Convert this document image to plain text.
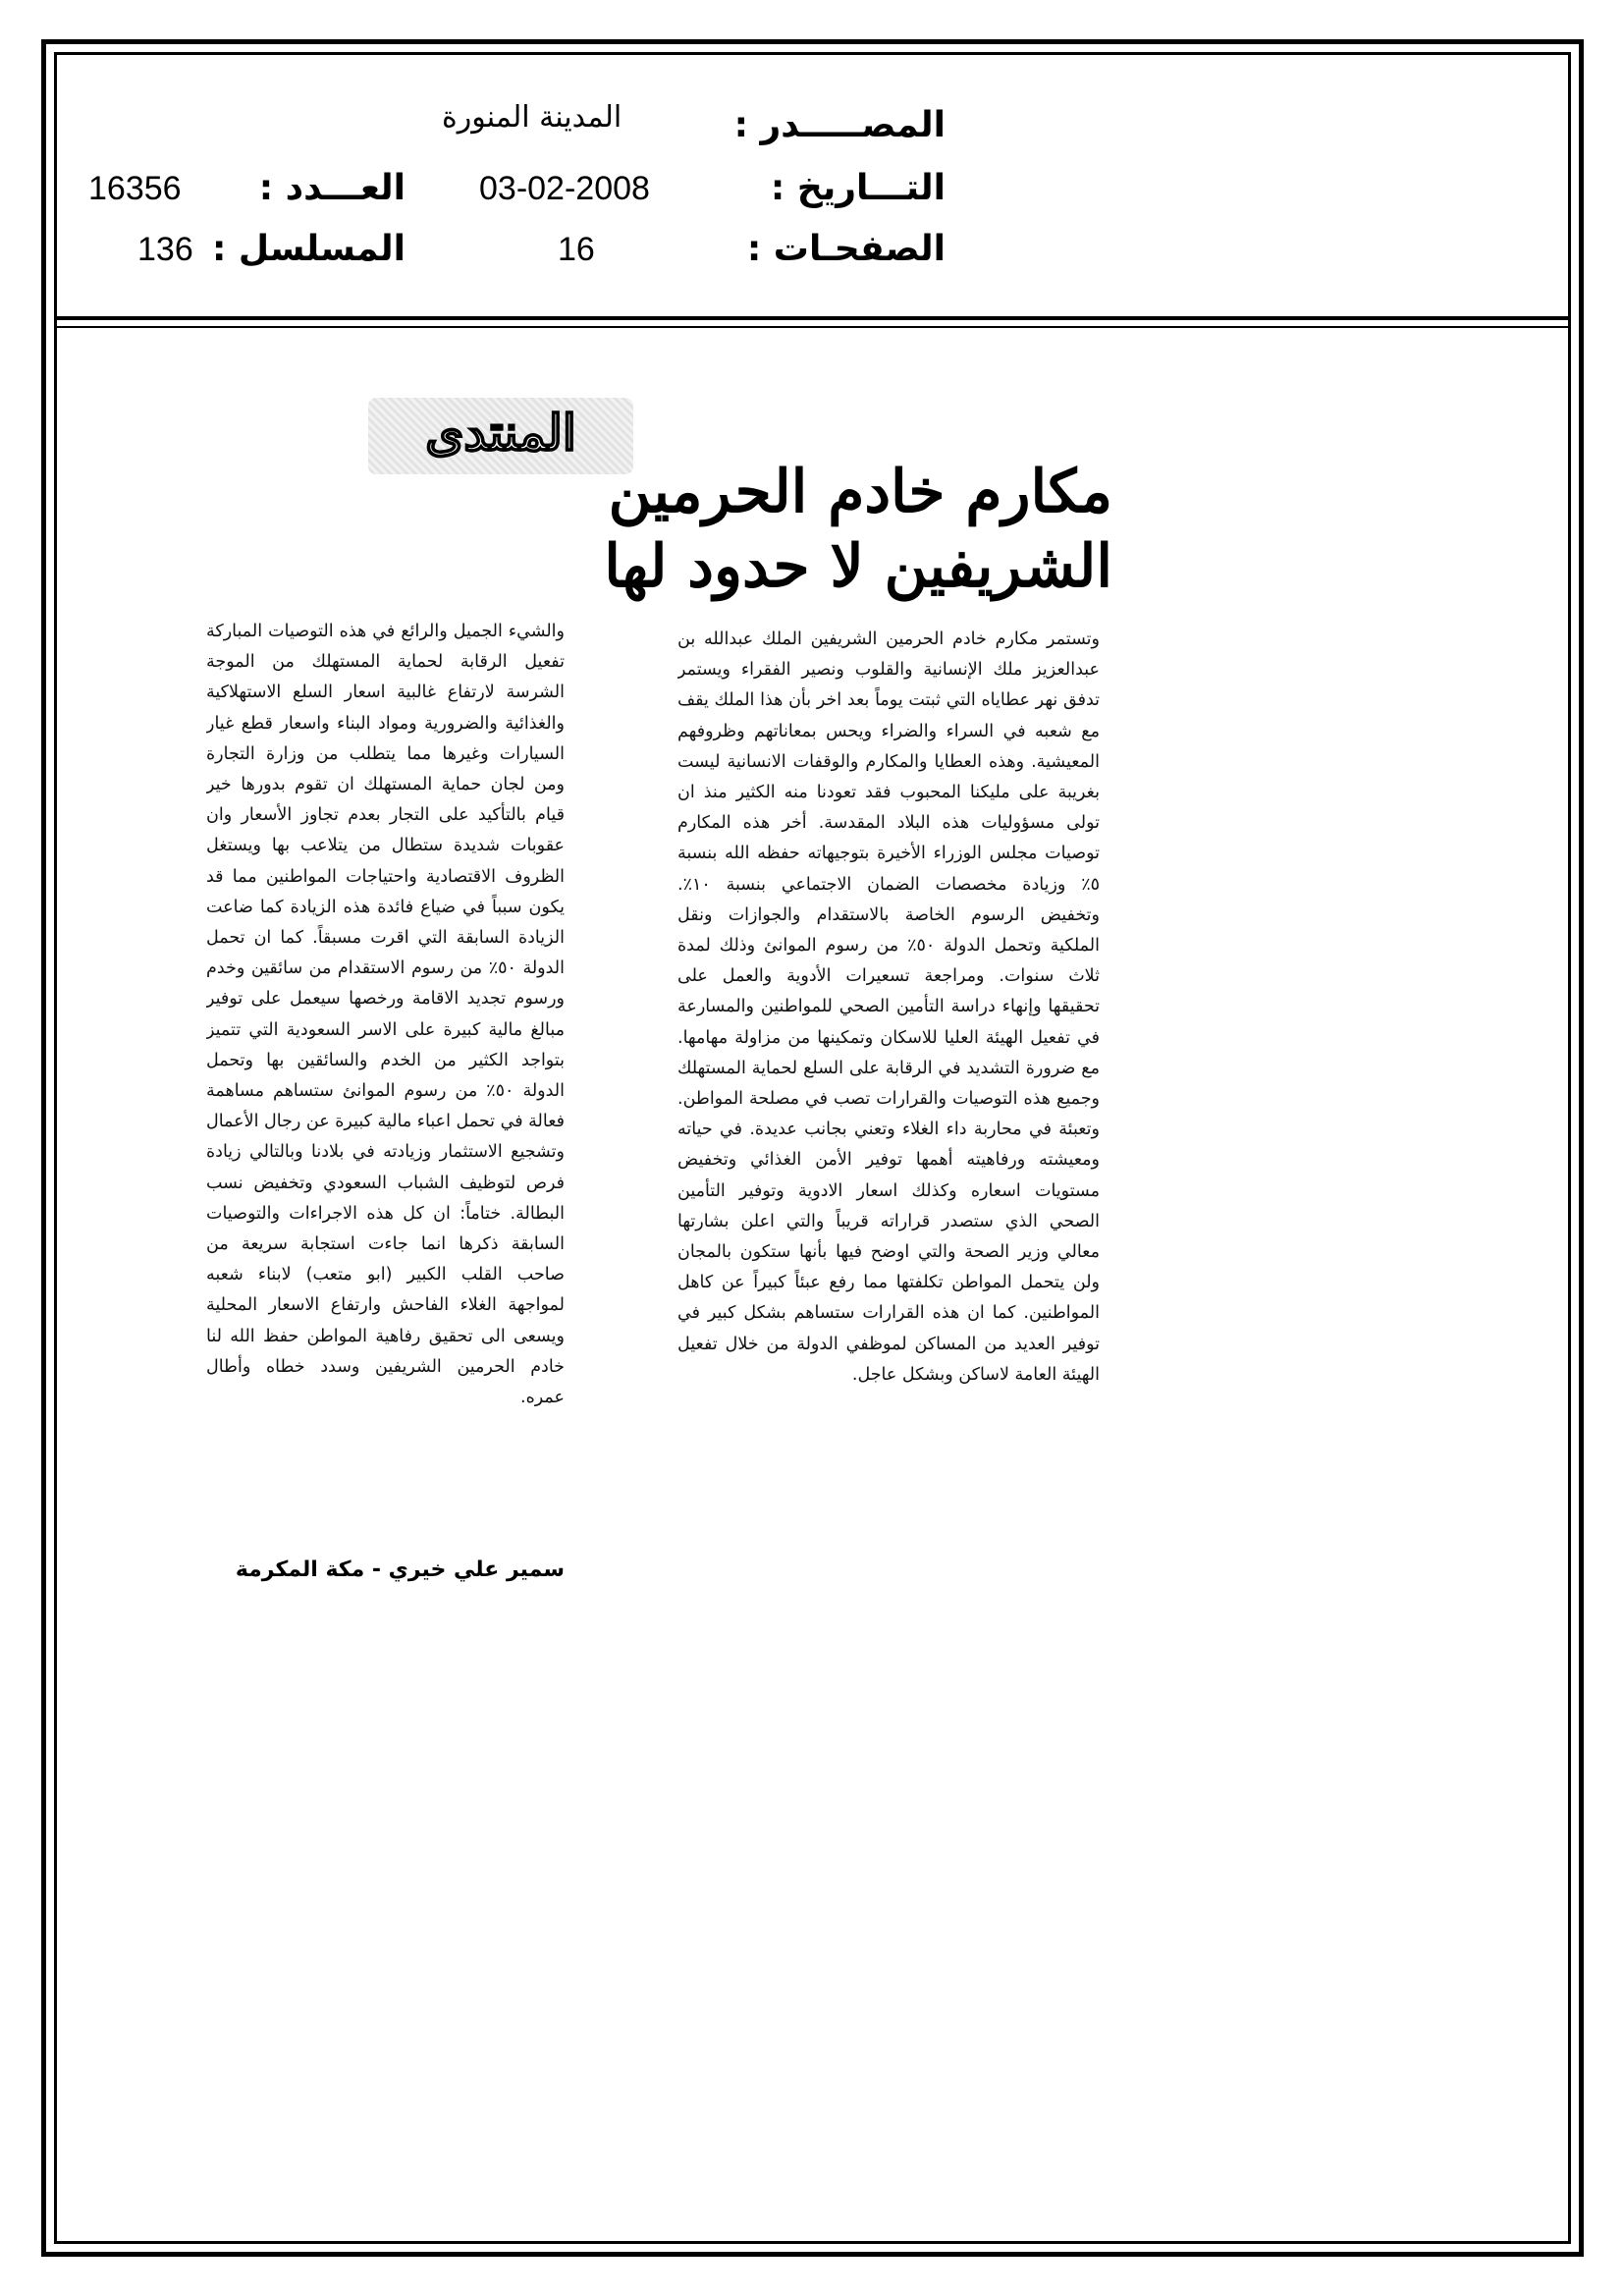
المصـــــدر :
المدينة المنورة
التـــاريخ :
03-02-2008
العـــدد :
16356
الصفحـات :
16
المسلسل :
136
المنتدى
مكارم خادم الحرمين
الشريفين لا حدود لها
وتستمر مكارم خادم الحرمين الشريفين الملك عبدالله بن عبدالعزيز ملك الإنسانية والقلوب ونصير الفقراء ويستمر تدفق نهر عطاياه التي ثبتت يوماً بعد اخر بأن هذا الملك يقف مع شعبه في السراء والضراء ويحس بمعاناتهم وظروفهم المعيشية. وهذه العطايا والمكارم والوقفات الانسانية ليست بغريبة على مليكنا المحبوب فقد تعودنا منه الكثير منذ ان تولى مسؤوليات هذه البلاد المقدسة. أخر هذه المكارم توصيات مجلس الوزراء الأخيرة بتوجيهاته حفظه الله بنسبة ٥٪ وزيادة مخصصات الضمان الاجتماعي بنسبة ١٠٪. وتخفيض الرسوم الخاصة بالاستقدام والجوازات ونقل الملكية وتحمل الدولة ٥٠٪ من رسوم الموانئ وذلك لمدة ثلاث سنوات. ومراجعة تسعيرات الأدوية والعمل على تحقيقها وإنهاء دراسة التأمين الصحي للمواطنين والمسارعة في تفعيل الهيئة العليا للاسكان وتمكينها من مزاولة مهامها. مع ضرورة التشديد في الرقابة على السلع لحماية المستهلك وجميع هذه التوصيات والقرارات تصب في مصلحة المواطن. وتعبئة في محاربة داء الغلاء وتعني بجانب عديدة. في حياته ومعيشته ورفاهيته أهمها توفير الأمن الغذائي وتخفيض مستويات اسعاره وكذلك اسعار الادوية وتوفير التأمين الصحي الذي ستصدر قراراته قريباً والتي اعلن بشارتها معالي وزير الصحة والتي اوضح فيها بأنها ستكون بالمجان ولن يتحمل المواطن تكلفتها مما رفع عبئاً كبيراً عن كاهل المواطنين. كما ان هذه القرارات ستساهم بشكل كبير في توفير العديد من المساكن لموظفي الدولة من خلال تفعيل الهيئة العامة لاساكن وبشكل عاجل.
والشيء الجميل والرائع في هذه التوصيات المباركة تفعيل الرقابة لحماية المستهلك من الموجة الشرسة لارتفاع غالبية اسعار السلع الاستهلاكية والغذائية والضرورية ومواد البناء واسعار قطع غيار السيارات وغيرها مما يتطلب من وزارة التجارة ومن لجان حماية المستهلك ان تقوم بدورها خير قيام بالتأكيد على التجار بعدم تجاوز الأسعار وان عقوبات شديدة ستطال من يتلاعب بها ويستغل الظروف الاقتصادية واحتياجات المواطنين مما قد يكون سبباً في ضياع فائدة هذه الزيادة كما ضاعت الزيادة السابقة التي اقرت مسبقاً. كما ان تحمل الدولة ٥٠٪ من رسوم الاستقدام من سائقين وخدم ورسوم تجديد الاقامة ورخصها سيعمل على توفير مبالغ مالية كبيرة على الاسر السعودية التي تتميز بتواجد الكثير من الخدم والسائقين بها وتحمل الدولة ٥٠٪ من رسوم الموانئ ستساهم مساهمة فعالة في تحمل اعباء مالية كبيرة عن رجال الأعمال وتشجيع الاستثمار وزيادته في بلادنا وبالتالي زيادة فرص لتوظيف الشباب السعودي وتخفيض نسب البطالة. ختاماً: ان كل هذه الاجراءات والتوصيات السابقة ذكرها انما جاءت استجابة سريعة من صاحب القلب الكبير (ابو متعب) لابناء شعبه لمواجهة الغلاء الفاحش وارتفاع الاسعار المحلية ويسعى الى تحقيق رفاهية المواطن حفظ الله لنا خادم الحرمين الشريفين وسدد خطاه وأطال عمره.
سمير علي خيري - مكة المكرمة
